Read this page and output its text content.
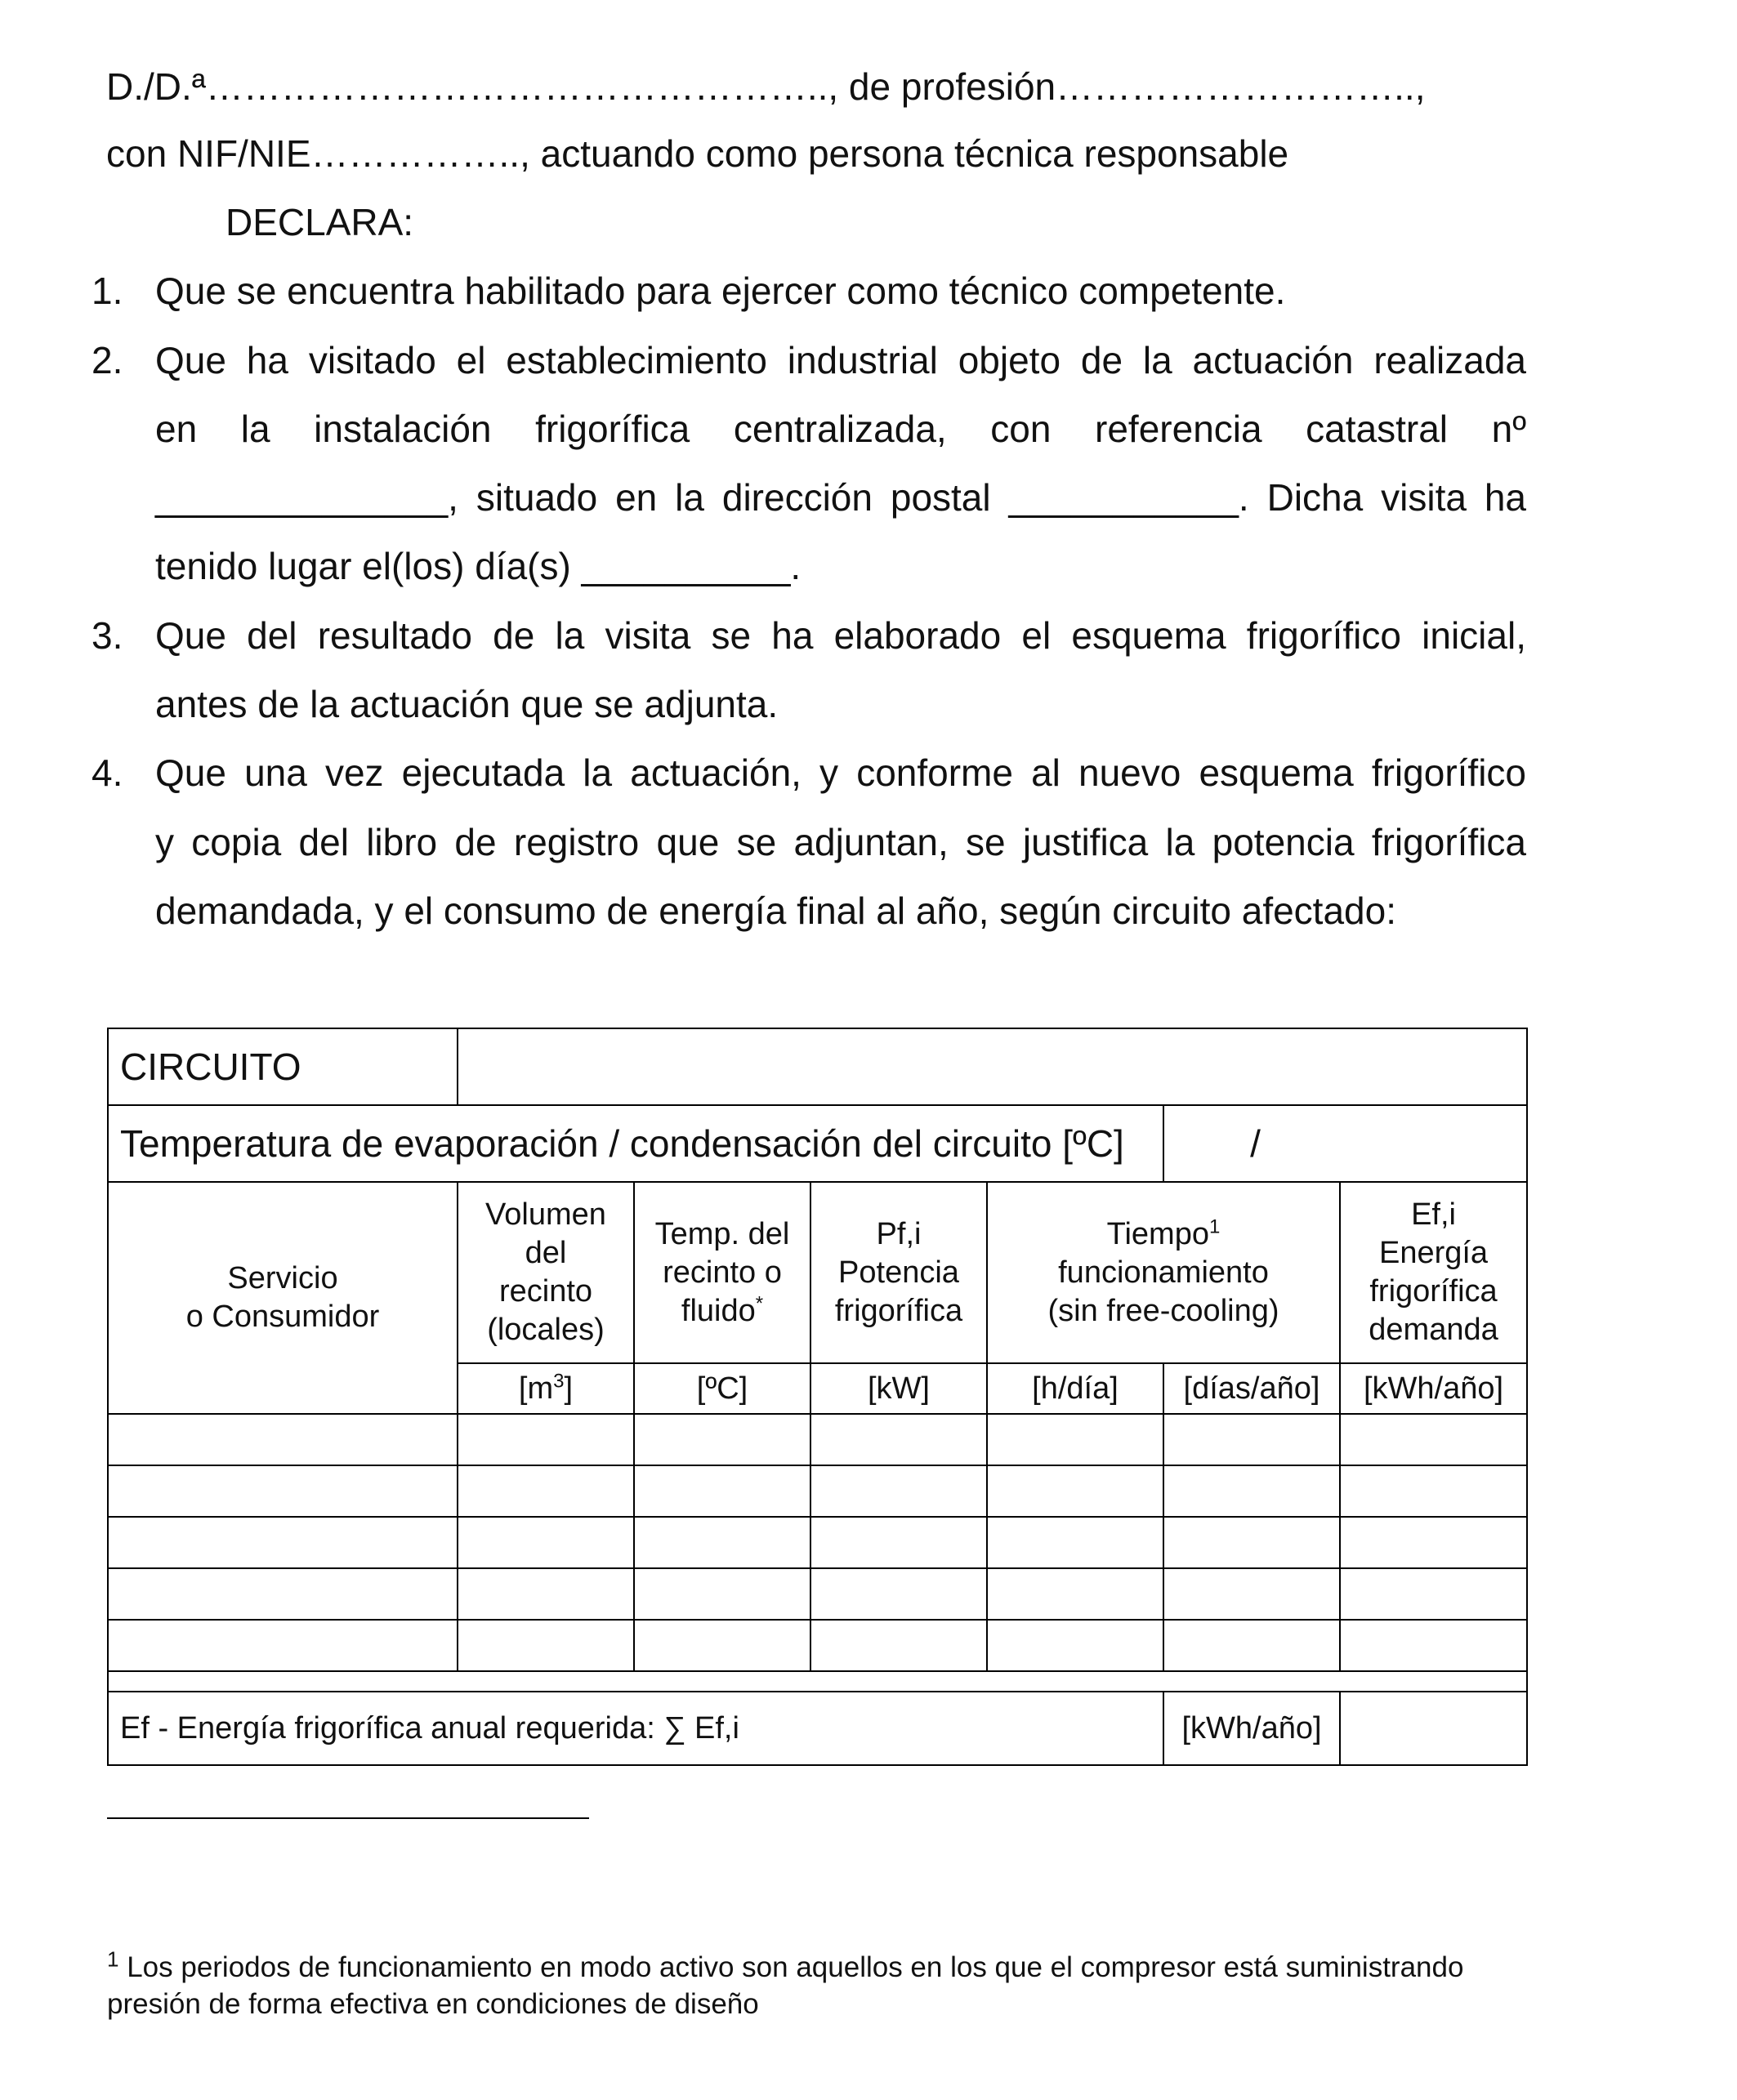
D./D.ª………………………………………….., de profesión………………………..,
con NIF/NIE…………….., actuando como persona técnica responsable
DECLARA:
1. Que se encuentra habilitado para ejercer como técnico competente.
2. Que ha visitado el establecimiento industrial objeto de la actuación realizada
en la instalación frigorífica centralizada, con referencia catastral nº
______________, situado en la dirección postal ___________. Dicha visita ha
tenido lugar el(los) día(s) __________.
3. Que del resultado de la visita se ha elaborado el esquema frigorífico inicial,
antes de la actuación que se adjunta.
4. Que una vez ejecutada la actuación, y conforme al nuevo esquema frigorífico
y copia del libro de registro que se adjuntan, se justifica la potencia frigorífica
demandada, y el consumo de energía final al año, según circuito afectado:
CIRCUITO						
Temperatura de evaporación / condensación del circuito [ºC]					/	
Servicio
o Consumidor	Volumen
del
recinto
(locales)	Temp. del
recinto o
fluido*	Pf,i
Potencia
frigorífica	Tiempo$^1$
funcionamiento
(sin free-cooling)		Ef,i
Energía
frigorífica
demanda
	$[m^3]$	[ºC]	[kW]	[h/día]	[días/año]	[kWh/año]

Ef - Energía frigorífica anual requerida: ∑ Ef,i					[kWh/año]	
$^1$ Los periodos de funcionamiento en modo activo son aquellos en los que el compresor está suministrando
presión de forma efectiva en condiciones de diseño
